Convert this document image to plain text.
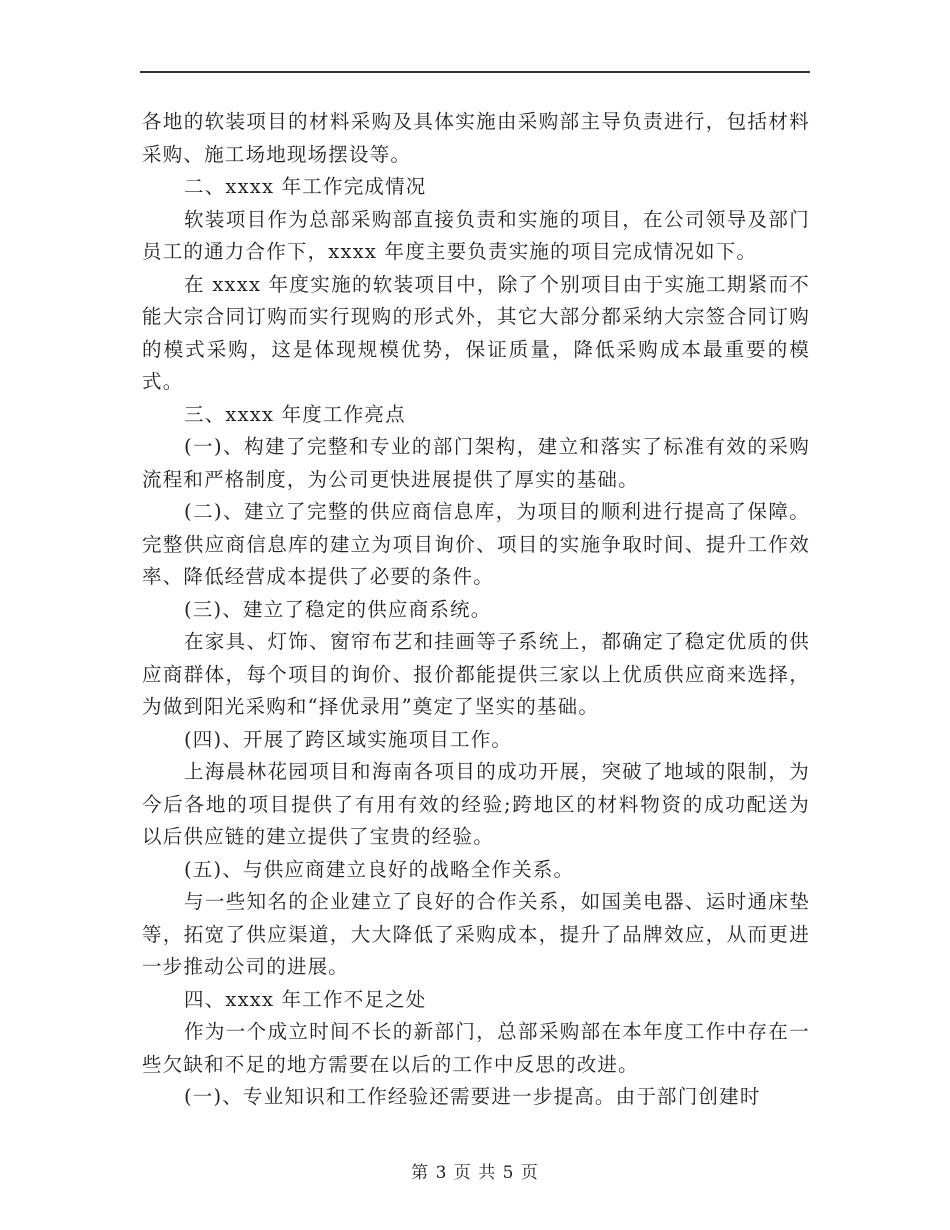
各地的软装项目的材料采购及具体实施由采购部主导负责进行，包括材料采购、施工场地现场摆设等。

二、xxxx 年工作完成情况

软装项目作为总部采购部直接负责和实施的项目，在公司领导及部门员工的通力合作下，xxxx 年度主要负责实施的项目完成情况如下。

在 xxxx 年度实施的软装项目中，除了个别项目由于实施工期紧而不能大宗合同订购而实行现购的形式外，其它大部分都采纳大宗签合同订购的模式采购，这是体现规模优势，保证质量，降低采购成本最重要的模式。

三、xxxx 年度工作亮点

(一)、构建了完整和专业的部门架构，建立和落实了标准有效的采购流程和严格制度，为公司更快进展提供了厚实的基础。

(二)、建立了完整的供应商信息库，为项目的顺利进行提高了保障。 完整供应商信息库的建立为项目询价、项目的实施争取时间、提升工作效率、降低经营成本提供了必要的条件。

(三)、建立了稳定的供应商系统。

在家具、灯饰、窗帘布艺和挂画等子系统上，都确定了稳定优质的供应商群体，每个项目的询价、报价都能提供三家以上优质供应商来选择，为做到阳光采购和“择优录用”奠定了坚实的基础。

(四)、开展了跨区域实施项目工作。

上海晨林花园项目和海南各项目的成功开展，突破了地域的限制，为今后各地的项目提供了有用有效的经验;跨地区的材料物资的成功配送为以后供应链的建立提供了宝贵的经验。

(五)、与供应商建立良好的战略全作关系。

与一些知名的企业建立了良好的合作关系，如国美电器、运时通床垫等，拓宽了供应渠道，大大降低了采购成本，提升了品牌效应，从而更进一步推动公司的进展。

四、xxxx 年工作不足之处

作为一个成立时间不长的新部门，总部采购部在本年度工作中存在一些欠缺和不足的地方需要在以后的工作中反思的改进。

(一)、专业知识和工作经验还需要进一步提高。由于部门创建时

第 3 页 共 5 页
